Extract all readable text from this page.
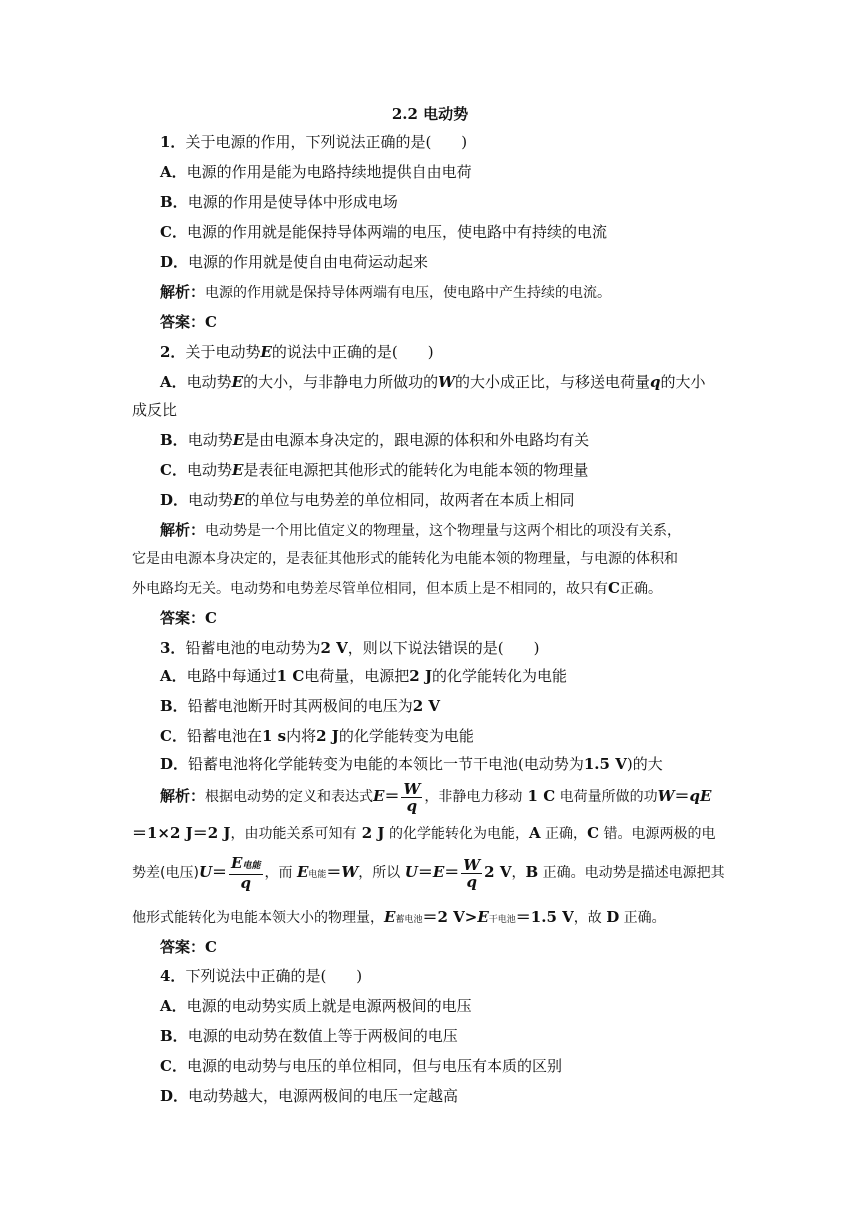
2.2 电动势
1．关于电源的作用，下列说法正确的是(　　)
A．电源的作用是能为电路持续地提供自由电荷
B．电源的作用是使导体中形成电场
C．电源的作用就是能保持导体两端的电压，使电路中有持续的电流
D．电源的作用就是使自由电荷运动起来
解析：电源的作用就是保持导体两端有电压，使电路中产生持续的电流。
答案：C
2．关于电动势E的说法中正确的是(　　)
A．电动势E的大小，与非静电力所做功的W的大小成正比，与移送电荷量q的大小
成反比
B．电动势E是由电源本身决定的，跟电源的体积和外电路均有关
C．电动势E是表征电源把其他形式的能转化为电能本领的物理量
D．电动势E的单位与电势差的单位相同，故两者在本质上相同
解析：电动势是一个用比值定义的物理量，这个物理量与这两个相比的项没有关系，
它是由电源本身决定的，是表征其他形式的能转化为电能本领的物理量，与电源的体积和
外电路均无关。电动势和电势差尽管单位相同，但本质上是不相同的，故只有C正确。
答案：C
3．铅蓄电池的电动势为2 V，则以下说法错误的是(　　)
A．电路中每通过1 C电荷量，电源把2 J的化学能转化为电能
B．铅蓄电池断开时其两极间的电压为2 V
C．铅蓄电池在1 s内将2 J的化学能转变为电能
D．铅蓄电池将化学能转变为电能的本领比一节干电池(电动势为1.5 V)的大
解析：根据电动势的定义和表达式$E= \frac{W}{q}$ ，非静电力移动 1 C 电荷量所做的功W＝qE
＝1×2 J＝2 J，由功能关系可知有 2 J 的化学能转化为电能，A 正确，C 错。电源两极的电
势差(电压)$U= \frac{\text{E电能}}{q}$ ，而 E电能＝W，所以 $U=E= \frac{W}{q} 2$ V，B 正确。电动势是描述电源把其
他形式能转化为电能本领大小的物理量，E蓄电池＝2 V>E干电池＝1.5 V，故 D 正确。
答案：C
4．下列说法中正确的是(　　)
A．电源的电动势实质上就是电源两极间的电压
B．电源的电动势在数值上等于两极间的电压
C．电源的电动势与电压的单位相同，但与电压有本质的区别
D．电动势越大，电源两极间的电压一定越高
